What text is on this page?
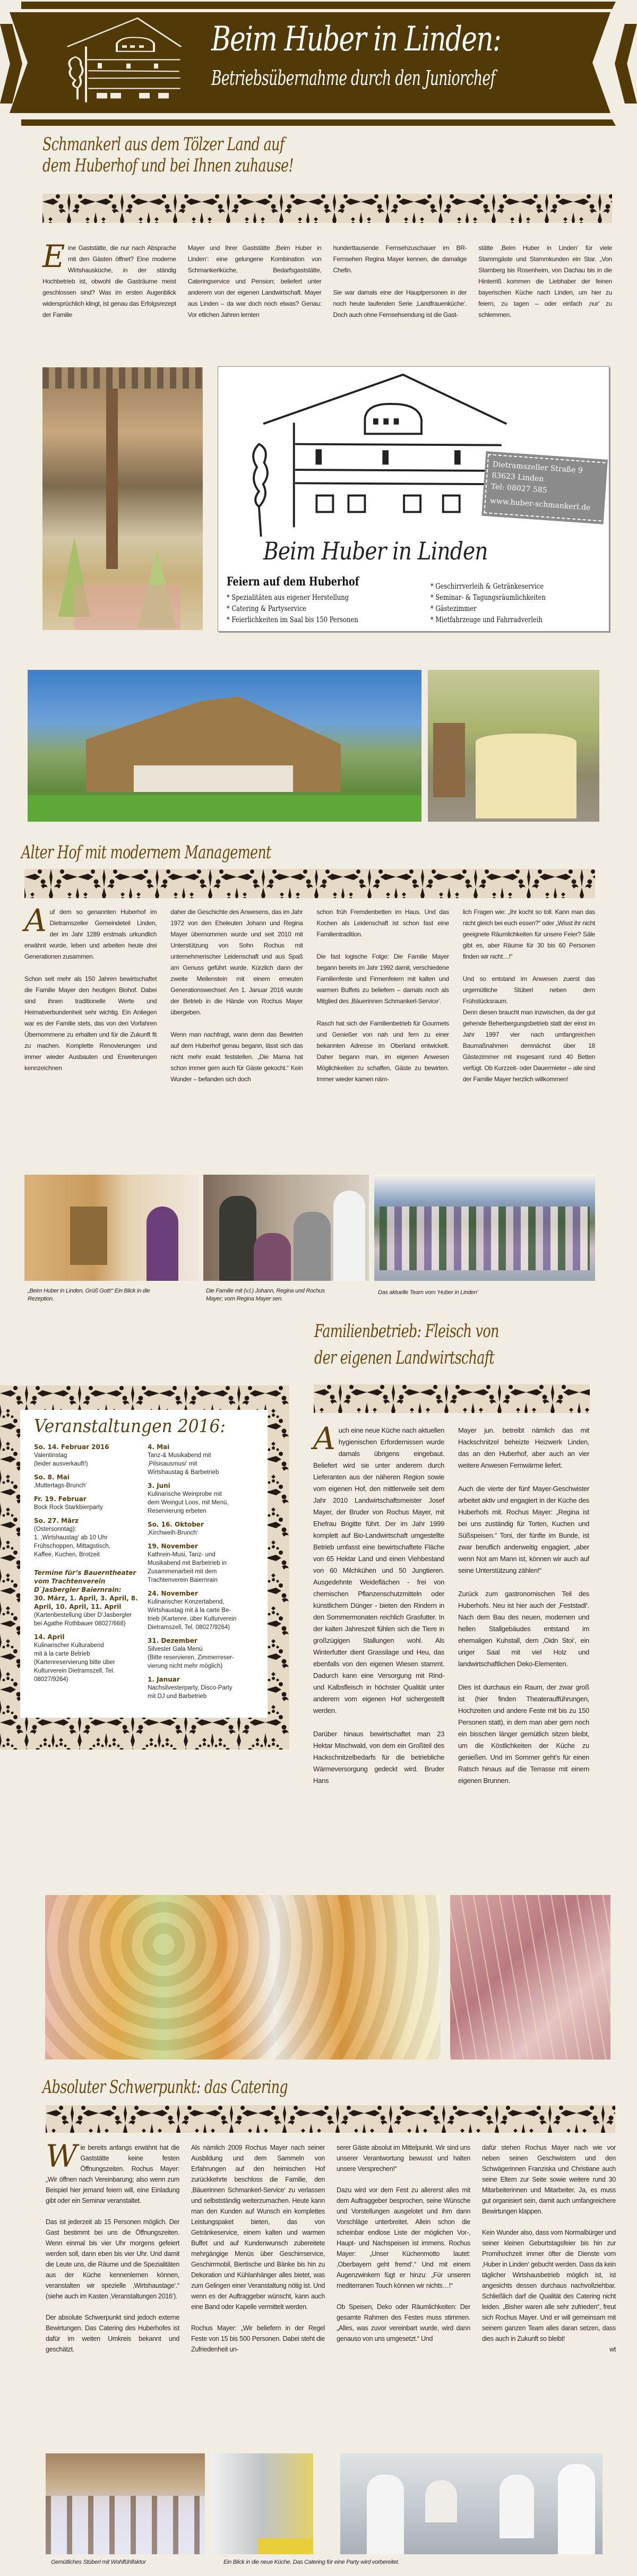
Beim Huber in Linden:
Betriebsübernahme durch den Juniorchef
Schmankerl aus dem Tölzer Land auf
dem Huberhof und bei Ihnen zuhause!

Eine Gaststätte, die nur nach Absprache mit den Gästen öffnet? Eine moderne Wirtshausküche, in der ständig Hochbetrieb ist, obwohl die Gasträume meist geschlossen sind? Was im ersten Augenblick widersprüchlich klingt, ist genau das Erfolgsrezept der Familie

Mayer und Ihrer Gaststätte ‚Beim Huber in Linden‘: eine gelungene Kombination von Schmankerlküche, Bedarfsgaststätte, Cateringservice und Pension; beliefert unter anderem von der eigenen Landwirtschaft. Mayer aus Linden – da war doch noch etwas? Genau: Vor etlichen Jahren lernten

hunderttausende Fernsehzuschauer im BR-Fernsehen Regina Mayer kennen, die damalige Chefin.

Sie war damals eine der Hauptpersonen in der noch heute laufenden Serie ‚Landfrauenküche‘. Doch auch ohne Fernsehsendung ist die Gast-

stätte ‚Beim Huber in Linden‘ für viele Stammgäste und Stammkunden ein Star. „Von Starnberg bis Rosenheim, von Dachau bis in die Hinterriß kommen die Liebhaber der feinen bayerischen Küche nach Linden, um hier zu feiern, zu tagen – oder einfach ‚nur‘ zu schlemmen.

Dietramszeller Straße 9
83623 Linden
Tel: 08027 585
www.huber-schmankerl.de
Beim Huber in Linden
Feiern auf dem Huberhof
* Spezialitäten aus eigener Herstellung
* Catering & Partyservice
* Feierlichkeiten im Saal bis 150 Personen
* Geschirrverleih & Getränkeservice
* Seminar- & Tagungsräumlichkeiten
* Gästezimmer
* Mietfahrzeuge und Fahrradverleih
Alter Hof mit modernem Management

Auf dem so genannten Huberhof im Dietramszeller Gemeindeteil Linden, der im Jahr 1289 erstmals urkundlich erwähnt wurde, leben und arbeiten heute drei Generationen zusammen.

Schon seit mehr als 150 Jahren bewirtschaftet die Familie Mayer den heutigen Biohof. Dabei sind ihnen traditionelle Werte und Heimatverbundenheit sehr wichtig. Ein Anliegen war es der Familie stets, das von den Vorfahren Übernommene zu erhalten und für die Zukunft fit zu machen. Komplette Renovierungen und immer wieder Ausbauten und Erweiterungen kennzeichnen

daher die Geschichte des Anwesens, das im Jahr 1972 von den Eheleuten Johann und Regina Mayer übernommen wurde und seit 2010 mit Unterstützung von Sohn Rochus mit unternehmerischer Leidenschaft und aus Spaß am Genuss geführt wurde. Kürzlich dann der zweite Meilenstein mit einem erneuten Generationswechsel: Am 1. Januar 2016 wurde der Betrieb in die Hände von Rochus Mayer übergeben.

Wenn man nachfragt, wann denn das Bewirten auf dem Huberhof genau begann, lässt sich das nicht mehr exakt feststellen. „Die Mama hat schon immer gern auch für Gäste gekocht.“ Kein Wunder – befanden sich doch

schon früh Fremdenbetten im Haus. Und das Kochen als Leidenschaft ist schon fast eine Familientradition.

Die fast logische Folge: Die Familie Mayer begann bereits im Jahr 1992 damit, verschiedene Familienfeste und Firmenfeiern mit kalten und warmen Buffets zu beliefern – damals noch als Mitglied des ‚Bäuerinnen Schmankerl-Service‘.

Rasch hat sich der Familienbetrieb für Gourmets und Genießer von nah und fern zu einer bekannten Adresse im Oberland entwickelt. Daher begann man, im eigenen Anwesen Möglichkeiten zu schaffen, Gäste zu bewirten. Immer wieder kamen näm-

lich Fragen wie: „Ihr kocht so toll. Kann man das nicht gleich bei euch essen?“ oder „Wisst ihr nicht geeignete Räumlichkeiten für unsere Feier? Säle gibt es, aber Räume für 30 bis 60 Personen finden wir nicht…!“

Und so entstand im Anwesen zuerst das urgemütliche Stüberl neben dem Frühstücksraum.

Denn diesen braucht man inzwischen, da der gut gehende Beherbergungsbetrieb statt der einst im Jahr 1997 vier nach umfangreichen Baumaßnahmen demnächst über 18 Gästezimmer mit insgesamt rund 40 Betten verfügt. Ob Kurzzeit- oder Dauermieter – alle sind der Familie Mayer herzlich willkommen!

„Beim Huber in Linden, Grüß Gott!“ Ein Blick in die Rezeption.
Die Familie mit (v.l.) Johann, Regina und Rochus Mayer; vorn Regina Mayer sen.
Das aktuelle Team vom ‘Huber in Linden’
Veranstaltungen 2016:
So. 14. Februar 2016
Valentinstag
(leider ausverkauft!)
So. 8. Mai
‚Muttertags-Brunch‘
Fr. 19. Februar
Bock Rock Starkbierparty
So. 27. März
(Ostersonntag):
1. ‚Wirtshaustag‘ ab 10 Uhr
Frühschoppen, Mittagstisch,
Kaffee, Kuchen, Brotzeit
Termine für‘s Bauerntheater vom Trachtenverein D`Jasbergler Baiernrain:
30. März, 1. April, 3. April, 8. April, 10. April, 11. April
(Kartenbestellung über D‘Jasbergler bei Agathe Rothbauer 08027/668)
14. April
Kulinarischer Kulturabend
mit à la carte Betrieb
(Kartenreservierung bitte über
Kulturverein Dietramszell, Tel.
08027/9264)
4. Mai
Tanz-& Musikabend mit
‚Pilsisausmusi‘ mit
Wirtshaustag & Barbetrieb
3. Juni
Kulinarische Weinprobe mit
dem Weingut Loos, mit Menü,
Reservierung erbeten
So. 16. Oktober
‚Kirchweih-Brunch‘
19. November
Kathrein-Musi, Tanz- und
Musikabend mit Barbetrieb in
Zusammenarbeit mit dem
Trachtenverein Baiernrain
24. November
Kulinarischer Konzertabend,
Wirtshaustag mit à la carte Be-
trieb (Kartenre. über Kulturverein
Dietramszell, Tel. 08027/9264)
31. Dezember
Silvester Gala Menü
(Bitte reservieren, Zimmerreser-
vierung nicht mehr möglich)
1. Januar
Nachsilvesterparty, Disco-Party
mit DJ und Barbetrieb
Familienbetrieb: Fleisch von
der eigenen Landwirtschaft

Auch eine neue Küche nach aktuellen hygienischen Erfordernissen wurde damals übrigens eingebaut. Beliefert wird sie unter anderem durch Lieferanten aus der näheren Region sowie vom eigenen Hof, den mittlerweile seit dem Jahr 2010 Landwirtschaftsmeister Josef Mayer, der Bruder von Rochus Mayer, mit Ehefrau Brigitte führt. Der im Jahr 1999 komplett auf Bio-Landwirtschaft umgestellte Betrieb umfasst eine bewirtschaftete Fläche von 65 Hektar Land und einen Viehbestand von 60 Milchkühen und 50 Jungtieren. Ausgedehnte Weideflächen - frei von chemischen Pflanzenschutzmitteln oder künstlichem Dünger - bieten den Rindern in den Sommermonaten reichlich Grasfutter. In der kalten Jahreszeit fühlen sich die Tiere in großzügigen Stallungen wohl. Als Winterfutter dient Grassilage und Heu, das ebenfalls von den eigenen Wiesen stammt. Dadurch kann eine Versorgung mit Rind- und Kalbsfleisch in höchster Qualität unter anderem vom eigenen Hof sichergestellt werden.

Darüber hinaus bewirtschaftet man 23 Hektar Mischwald, von dem ein Großteil des Hackschnitzelbedarfs für die betriebliche Wärmeversorgung gedeckt wird. Bruder Hans

Mayer jun. betreibt nämlich das mit Hackschnitzel beheizte Heizwerk Linden, das an den Huberhof, aber auch an vier weitere Anwesen Fernwärme liefert.

Auch die vierte der fünf Mayer-Geschwister arbeitet aktiv und engagiert in der Küche des Huberhofs mit. Rochus Mayer: „Regina ist bei uns zuständig für Torten, Kuchen und Süßspeisen.“ Toni, der fünfte im Bunde, ist zwar beruflich anderweitig engagiert, „aber wenn Not am Mann ist, können wir auch auf seine Unterstützung zählen!“

Zurück zum gastronomischen Teil des Huberhofs. Neu ist hier auch der ‚Feststadl‘. Nach dem Bau des neuen, modernen und hellen Stallgebäudes entstand im ehemaligen Kuhstall, dem ‚Oidn Stoi‘, ein uriger Saal mit viel Holz und landwirtschaftlichen Deko-Elementen.

Dies ist durchaus ein Raum, der zwar groß ist (hier finden Theateraufführungen, Hochzeiten und andere Feste mit bis zu 150 Personen statt), in dem man aber gern noch ein bisschen länger gemütlich sitzen bleibt, um die Köstlichkeiten der Küche zu genießen. Und im Sommer geht’s für einen Ratsch hinaus auf die Terrasse mit einem eigenen Brunnen.

Absoluter Schwerpunkt: das Catering

Wie bereits anfangs erwähnt hat die Gaststätte keine festen Öffnungszeiten. Rochus Mayer: „Wir öffnen nach Vereinbarung; also wenn zum Beispiel hier jemand feiern will, eine Einladung gibt oder ein Seminar veranstaltet.

Das ist jederzeit ab 15 Personen möglich. Der Gast bestimmt bei uns die Öffnungszeiten. Wenn einmal bis vier Uhr morgens gefeiert werden soll, dann eben bis vier Uhr. Und damit die Leute uns, die Räume und die Spezialitäten aus der Küche kennenlernen können, veranstalten wir spezielle ‚Wirtshaustage‘.“ (siehe auch im Kasten ‚Veranstaltungen 2016‘).

Der absolute Schwerpunkt sind jedoch externe Bewirtungen. Das Catering des Huberhofes ist dafür im weiten Umkreis bekannt und geschätzt.

Als nämlich 2009 Rochus Mayer nach seiner Ausbildung und dem Sammeln von Erfahrungen auf den heimischen Hof zurückkehrte beschloss die Familie, den ‚Bäuerinnen Schmankerl-Service‘ zu verlassen und selbstständig weiterzumachen. Heute kann man den Kunden auf Wunsch ein komplettes Leistungspaket bieten, das von Getränkeservice, einem kalten und warmen Buffet und auf Kundenwunsch zubereitete mehrgängige Menüs über Geschirrservice, Geschirrmobil, Biertische und Bänke bis hin zu Dekoration und Kühlanhänger alles bietet, was zum Gelingen einer Veranstaltung nötig ist. Und wenn es der Auftraggeber wünscht, kann auch eine Band oder Kapelle vermittelt werden.

Rochus Mayer: „Wir beliefern in der Regel Feste von 15 bis 500 Personen. Dabei steht die Zufriedenheit un-

serer Gäste absolut im Mittelpunkt. Wir sind uns unserer Verantwortung bewusst und halten unsere Versprechen!“

Dazu wird vor dem Fest zu allererst alles mit dem Auftraggeber besprochen, seine Wünsche und Vorstellungen ausgelotet und ihm dann Vorschläge unterbreitet. Allein schon die scheinbar endlose Liste der möglichen Vor-, Haupt- und Nachspeisen ist immens. Rochus Mayer: „Unser Küchenmotto lautet: ‚Oberbayern geht fremd‘.“ Und mit einem Augenzwinkern fügt er hinzu: „Für unseren mediterranen Touch können wir nichts…!“

Ob Speisen, Deko oder Räumlichkeiten: Der gesamte Rahmen des Festes muss stimmen. „Alles, was zuvor vereinbart wurde, wird dann genauso von uns umgesetzt.“ Und

dafür stehen Rochus Mayer nach wie vor neben seinen Geschwistern und den Schwägerinnen Franziska und Christiane auch seine Eltern zur Seite sowie weitere rund 30 Mitarbeiterinnen und Mitarbeiter. Ja, es muss gut organisiert sein, damit auch umfangreichere Bewirtungen klappen.

Kein Wunder also, dass vom Normalbürger und seiner kleinen Geburtstagsfeier bis hin zur Promihochzeit immer öfter die Dienste vom ‚Huber in Linden‘ gebucht werden. Dass da kein täglicher Wirtshausbetrieb möglich ist, ist angesichts dessen durchaus nachvollziehbar. Schließlich darf die Qualität des Catering nicht leiden. „Bisher waren alle sehr zufrieden“, freut sich Rochus Mayer. Und er will gemeinsam mit seinem ganzen Team alles daran setzen, dass dies auch in Zukunft so bleibt!

wt

Gemütliches Stüberl mit Wohlfühlfaktor	Ein Blick in die neue Küche. Das Catering für eine Party wird vorbereitet.
